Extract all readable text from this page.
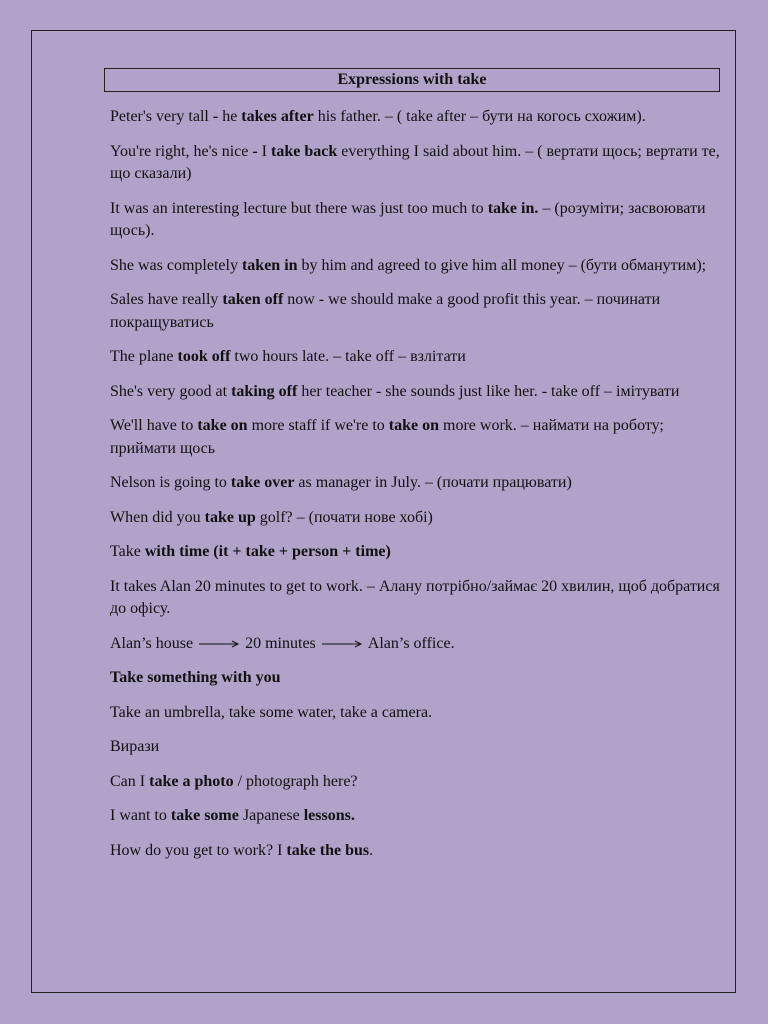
Expressions with take

Peter's very tall - he takes after his father. – ( take after – бути на когось схожим).

You're right, he's nice - I take back everything I said about him. – ( вертати щось; вертати те, що сказали)

It was an interesting lecture but there was just too much to take in. – (розуміти; засвоювати щось).

She was completely taken in by him and agreed to give him all money – (бути обманутим);

Sales have really taken off now - we should make a good profit this year. – починати покращуватись

The plane took off two hours late. – take off – взлітати

She's very good at taking off her teacher - she sounds just like her. - take off – імітувати

We'll have to take on more staff if we're to take on more work. – наймати на роботу; приймати щось

Nelson is going to take over as manager in July. – (почати працювати)

When did you take up golf? – (почати нове хобі)

Take with time (it + take + person + time)

It takes Alan 20 minutes to get to work. – Алану потрібно/займає 20 хвилин, щоб добратися до офісу.

Alan’s house	20 minutes	Alan’s office.

Take something with you

Take an umbrella, take some water, take a camera.

Вирази

Can I take a photo / photograph here?

I want to take some Japanese lessons.

How do you get to work? I take the bus.
